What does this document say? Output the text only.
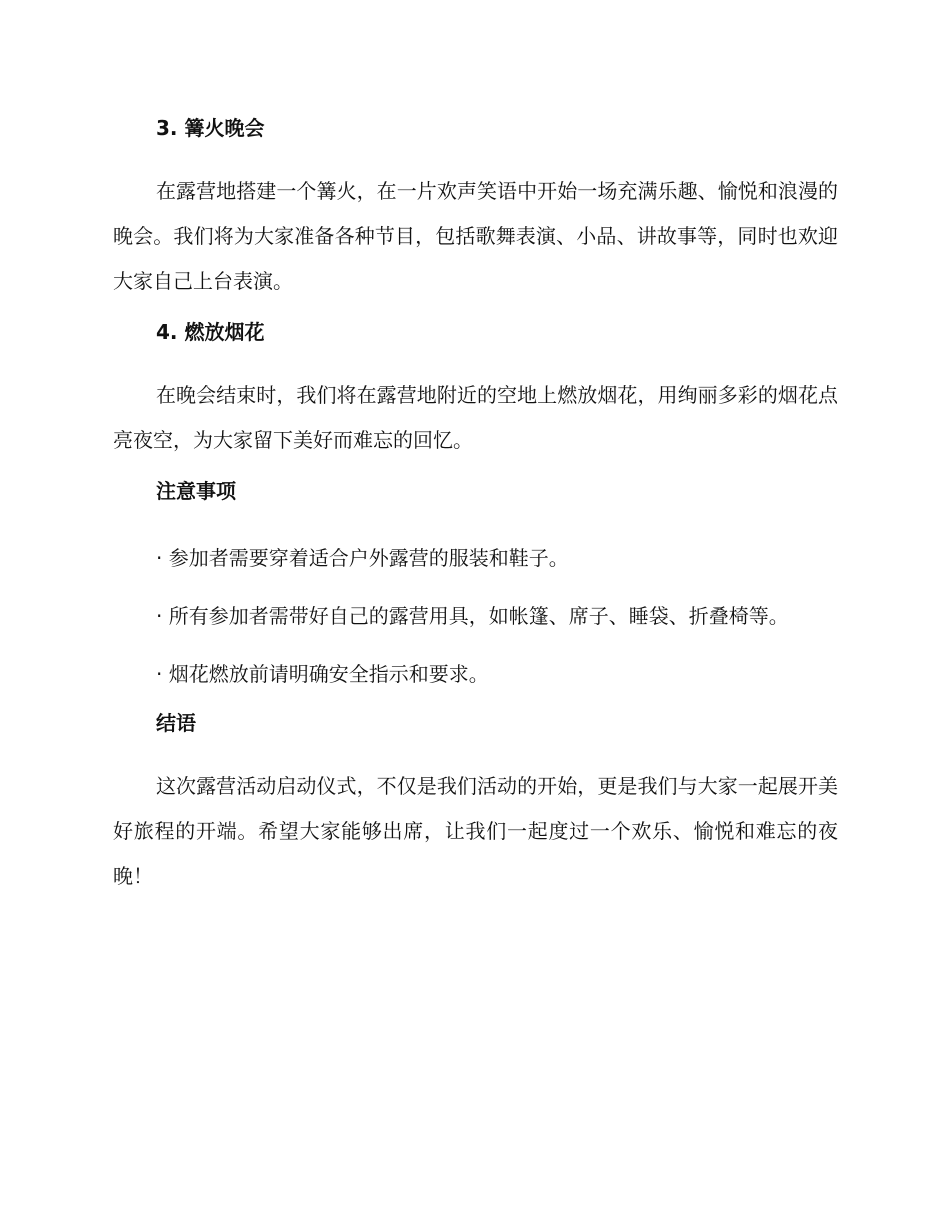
3. 篝火晚会

在露营地搭建一个篝火，在一片欢声笑语中开始一场充满乐趣、愉悦和浪漫的晚会。我们将为大家准备各种节目，包括歌舞表演、小品、讲故事等，同时也欢迎大家自己上台表演。

4. 燃放烟花

在晚会结束时，我们将在露营地附近的空地上燃放烟花，用绚丽多彩的烟花点亮夜空，为大家留下美好而难忘的回忆。

注意事项

· 参加者需要穿着适合户外露营的服装和鞋子。

· 所有参加者需带好自己的露营用具，如帐篷、席子、睡袋、折叠椅等。

· 烟花燃放前请明确安全指示和要求。

结语

这次露营活动启动仪式，不仅是我们活动的开始，更是我们与大家一起展开美好旅程的开端。希望大家能够出席，让我们一起度过一个欢乐、愉悦和难忘的夜晚！
